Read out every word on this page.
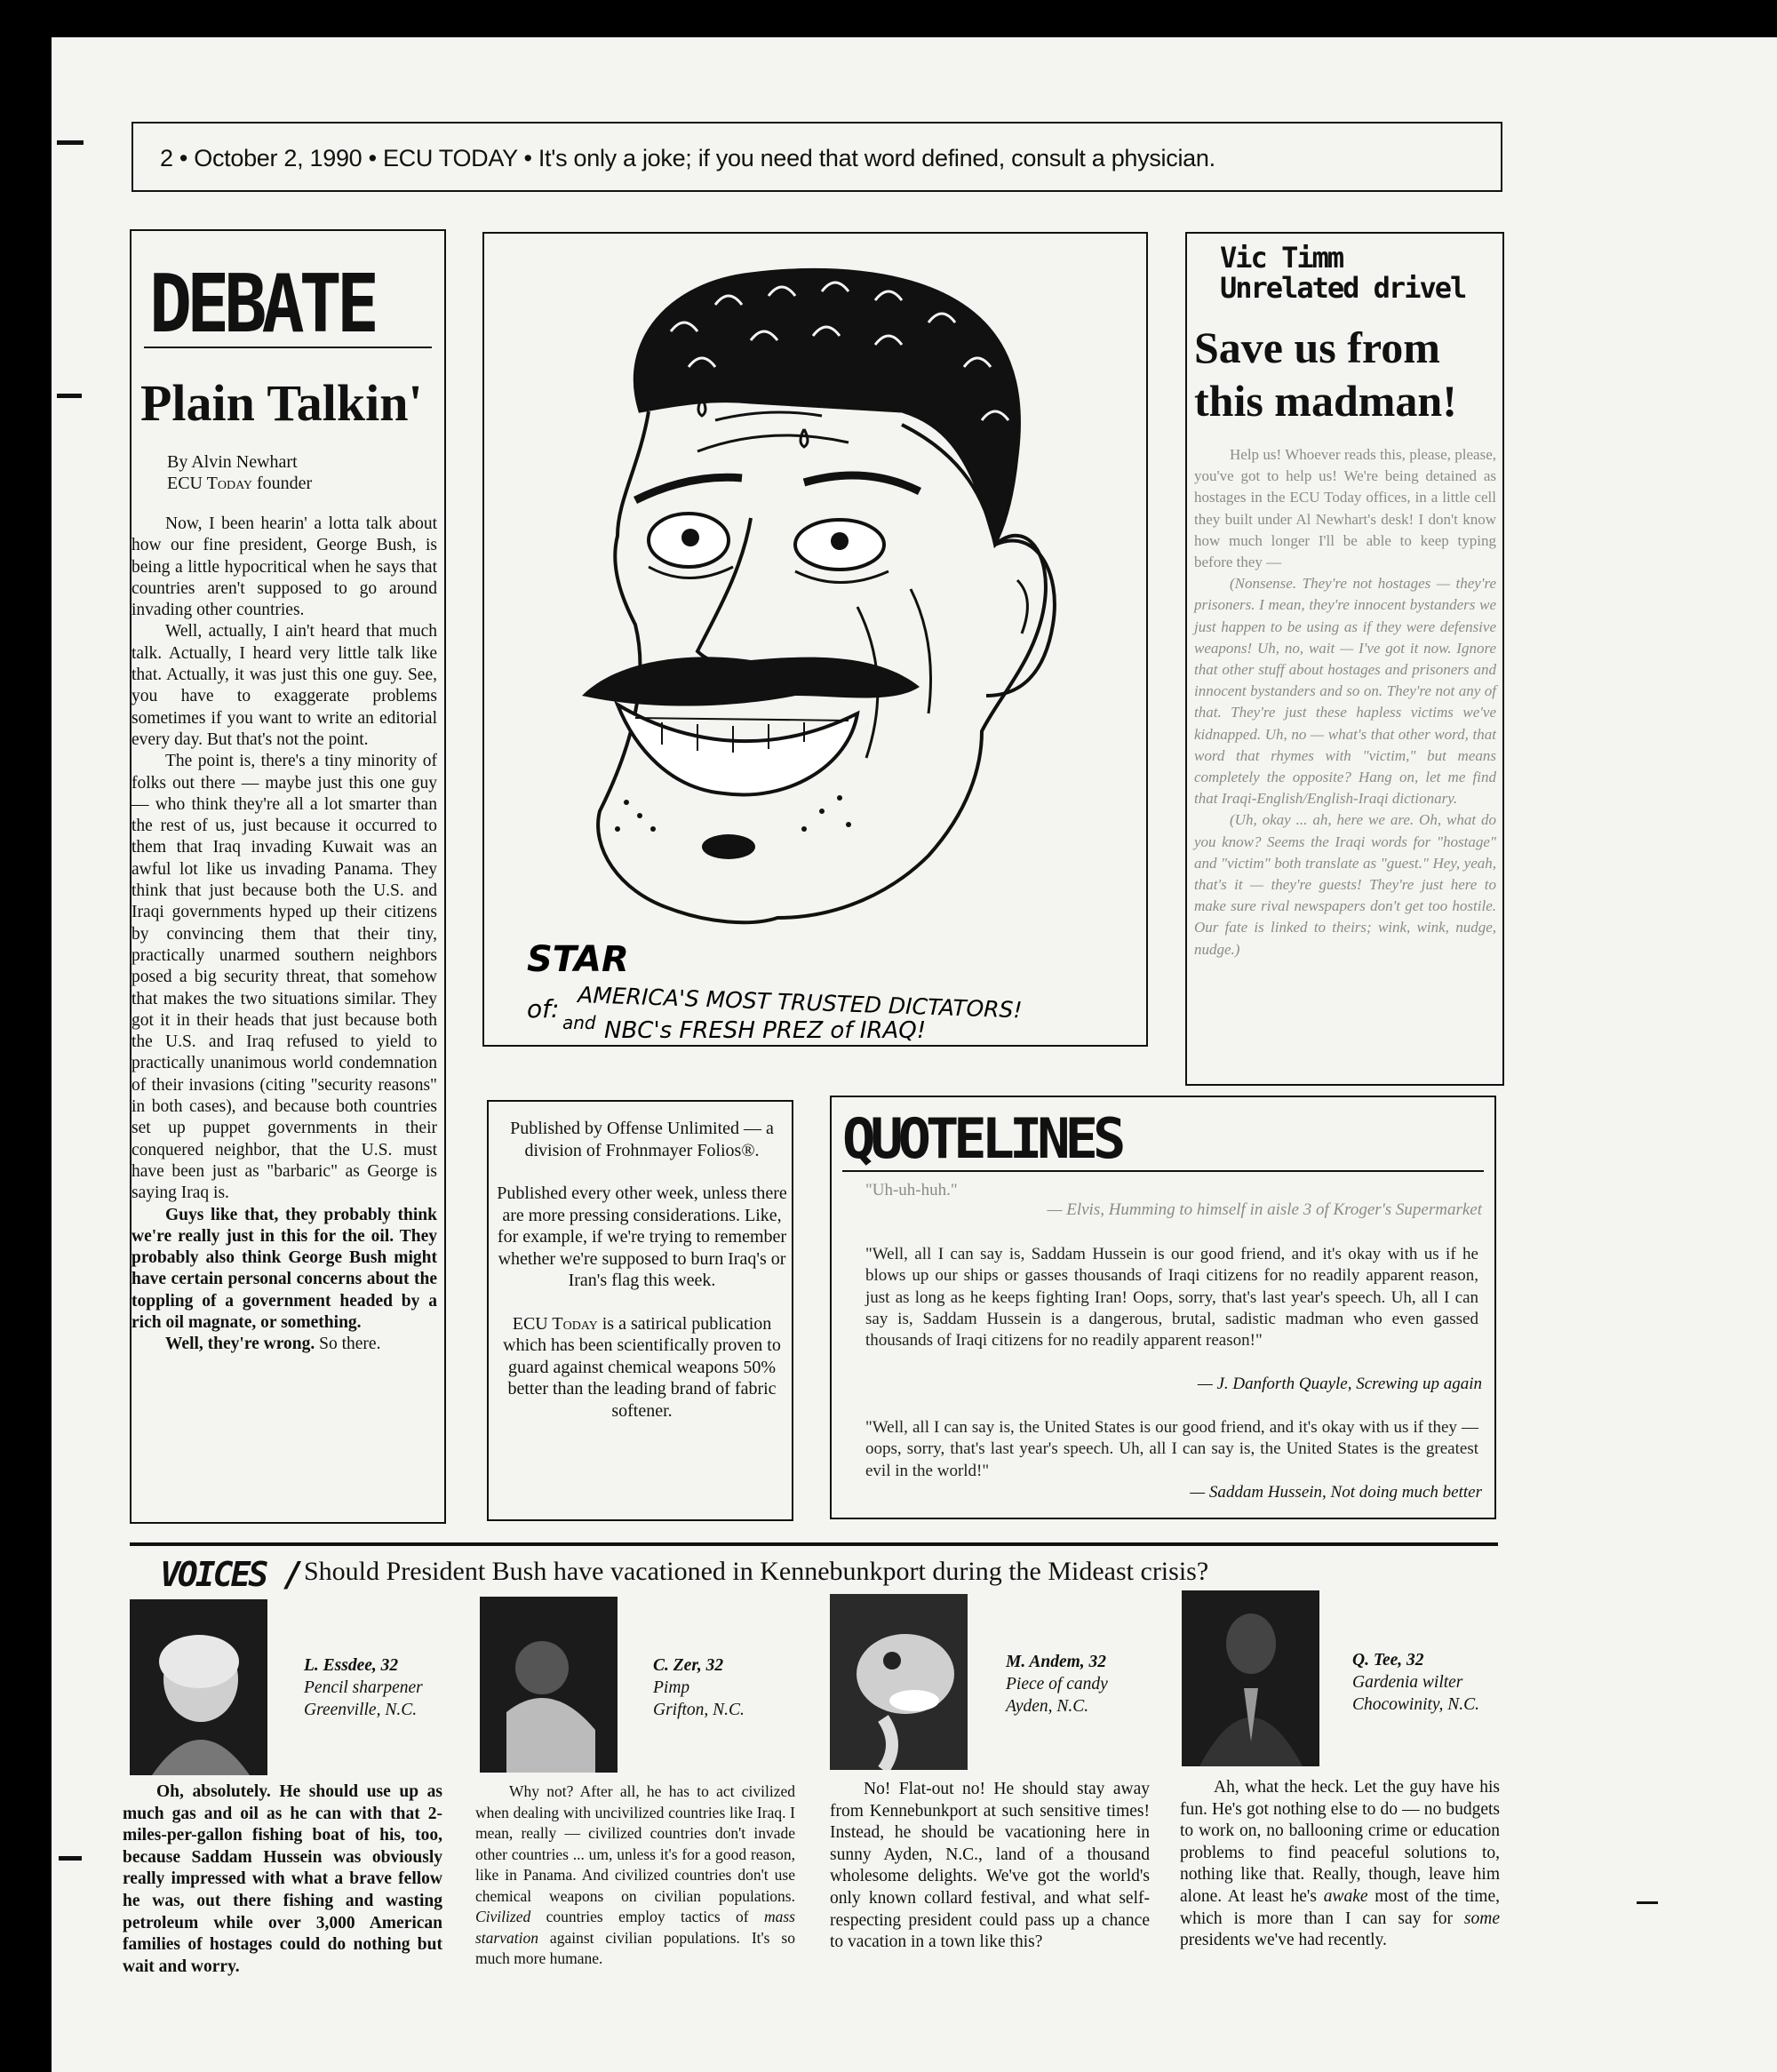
2 • October 2, 1990 • ECU TODAY • It's only a joke; if you need that word defined, consult a physician.
DEBATE
Plain Talkin'
By Alvin Newhart
ECU Today founder

Now, I been hearin' a lotta talk about how our fine president, George Bush, is being a little hypocritical when he says that countries aren't supposed to go around invading other countries.

Well, actually, I ain't heard that much talk. Actually, I heard very little talk like that. Actually, it was just this one guy. See, you have to exaggerate problems sometimes if you want to write an editorial every day. But that's not the point.

The point is, there's a tiny minority of folks out there — maybe just this one guy — who think they're all a lot smarter than the rest of us, just because it occurred to them that Iraq invading Kuwait was an awful lot like us invading Panama. They think that just because both the U.S. and Iraqi governments hyped up their citizens by convincing them that their tiny, practically unarmed southern neighbors posed a big security threat, that somehow that makes the two situations similar. They got it in their heads that just because both the U.S. and Iraq refused to yield to practically unanimous world condemnation of their invasions (citing "security reasons" in both cases), and because both countries set up puppet governments in their conquered neighbor, that the U.S. must have been just as "barbaric" as George is saying Iraq is.

Guys like that, they probably think we're really just in this for the oil. They probably also think George Bush might have certain personal concerns about the toppling of a government headed by a rich oil magnate, or something.

Well, they're wrong. So there.

STAR
of: AMERICA'S MOST TRUSTED DICTATORS!
and NBC's FRESH PREZ of IRAQ!
Vic Timm
Unrelated drivel
Save us from this madman!

Help us! Whoever reads this, please, please, you've got to help us! We're being detained as hostages in the ECU Today offices, in a little cell they built under Al Newhart's desk! I don't know how much longer I'll be able to keep typing before they —

(Nonsense. They're not hostages — they're prisoners. I mean, they're innocent bystanders we just happen to be using as if they were defensive weapons! Uh, no, wait — I've got it now. Ignore that other stuff about hostages and prisoners and innocent bystanders and so on. They're not any of that. They're just these hapless victims we've kidnapped. Uh, no — what's that other word, that word that rhymes with "victim," but means completely the opposite? Hang on, let me find that Iraqi-English/English-Iraqi dictionary.

(Uh, okay ... ah, here we are. Oh, what do you know? Seems the Iraqi words for "hostage" and "victim" both translate as "guest." Hey, yeah, that's it — they're guests! They're just here to make sure rival newspapers don't get too hostile. Our fate is linked to theirs; wink, wink, nudge, nudge.)

Published by Offense Unlimited — a division of Frohnmayer Folios®.

Published every other week, unless there are more pressing considerations. Like, for example, if we're trying to remember whether we're supposed to burn Iraq's or Iran's flag this week.

ECU Today is a satirical publication which has been scientifically proven to guard against chemical weapons 50% better than the leading brand of fabric softener.

QUOTELINES
"Uh-uh-huh."
— Elvis, Humming to himself in aisle 3 of Kroger's Supermarket
"Well, all I can say is, Saddam Hussein is our good friend, and it's okay with us if he blows up our ships or gasses thousands of Iraqi citizens for no readily apparent reason, just as long as he keeps fighting Iran! Oops, sorry, that's last year's speech. Uh, all I can say is, Saddam Hussein is a dangerous, brutal, sadistic madman who even gassed thousands of Iraqi citizens for no readily apparent reason!"
— J. Danforth Quayle, Screwing up again
"Well, all I can say is, the United States is our good friend, and it's okay with us if they — oops, sorry, that's last year's speech. Uh, all I can say is, the United States is the greatest evil in the world!"
— Saddam Hussein, Not doing much better
VOICES / Should President Bush have vacationed in Kennebunkport during the Mideast crisis?
L. Essdee, 32
Pencil sharpener
Greenville, N.C.

Oh, absolutely. He should use up as much gas and oil as he can with that 2-miles-per-gallon fishing boat of his, too, because Saddam Hussein was obviously really impressed with what a brave fellow he was, out there fishing and wasting petroleum while over 3,000 American families of hostages could do nothing but wait and worry.

C. Zer, 32
Pimp
Grifton, N.C.

Why not? After all, he has to act civilized when dealing with uncivilized countries like Iraq. I mean, really — civilized countries don't invade other countries ... um, unless it's for a good reason, like in Panama. And civilized countries don't use chemical weapons on civilian populations. Civilized countries employ tactics of mass starvation against civilian populations. It's so much more humane.

M. Andem, 32
Piece of candy
Ayden, N.C.

No! Flat-out no! He should stay away from Kennebunkport at such sensitive times! Instead, he should be vacationing here in sunny Ayden, N.C., land of a thousand wholesome delights. We've got the world's only known collard festival, and what self-respecting president could pass up a chance to vacation in a town like this?

Q. Tee, 32
Gardenia wilter
Chocowinity, N.C.

Ah, what the heck. Let the guy have his fun. He's got nothing else to do — no budgets to work on, no ballooning crime or education problems to find peaceful solutions to, nothing like that. Really, though, leave him alone. At least he's awake most of the time, which is more than I can say for some presidents we've had recently.
